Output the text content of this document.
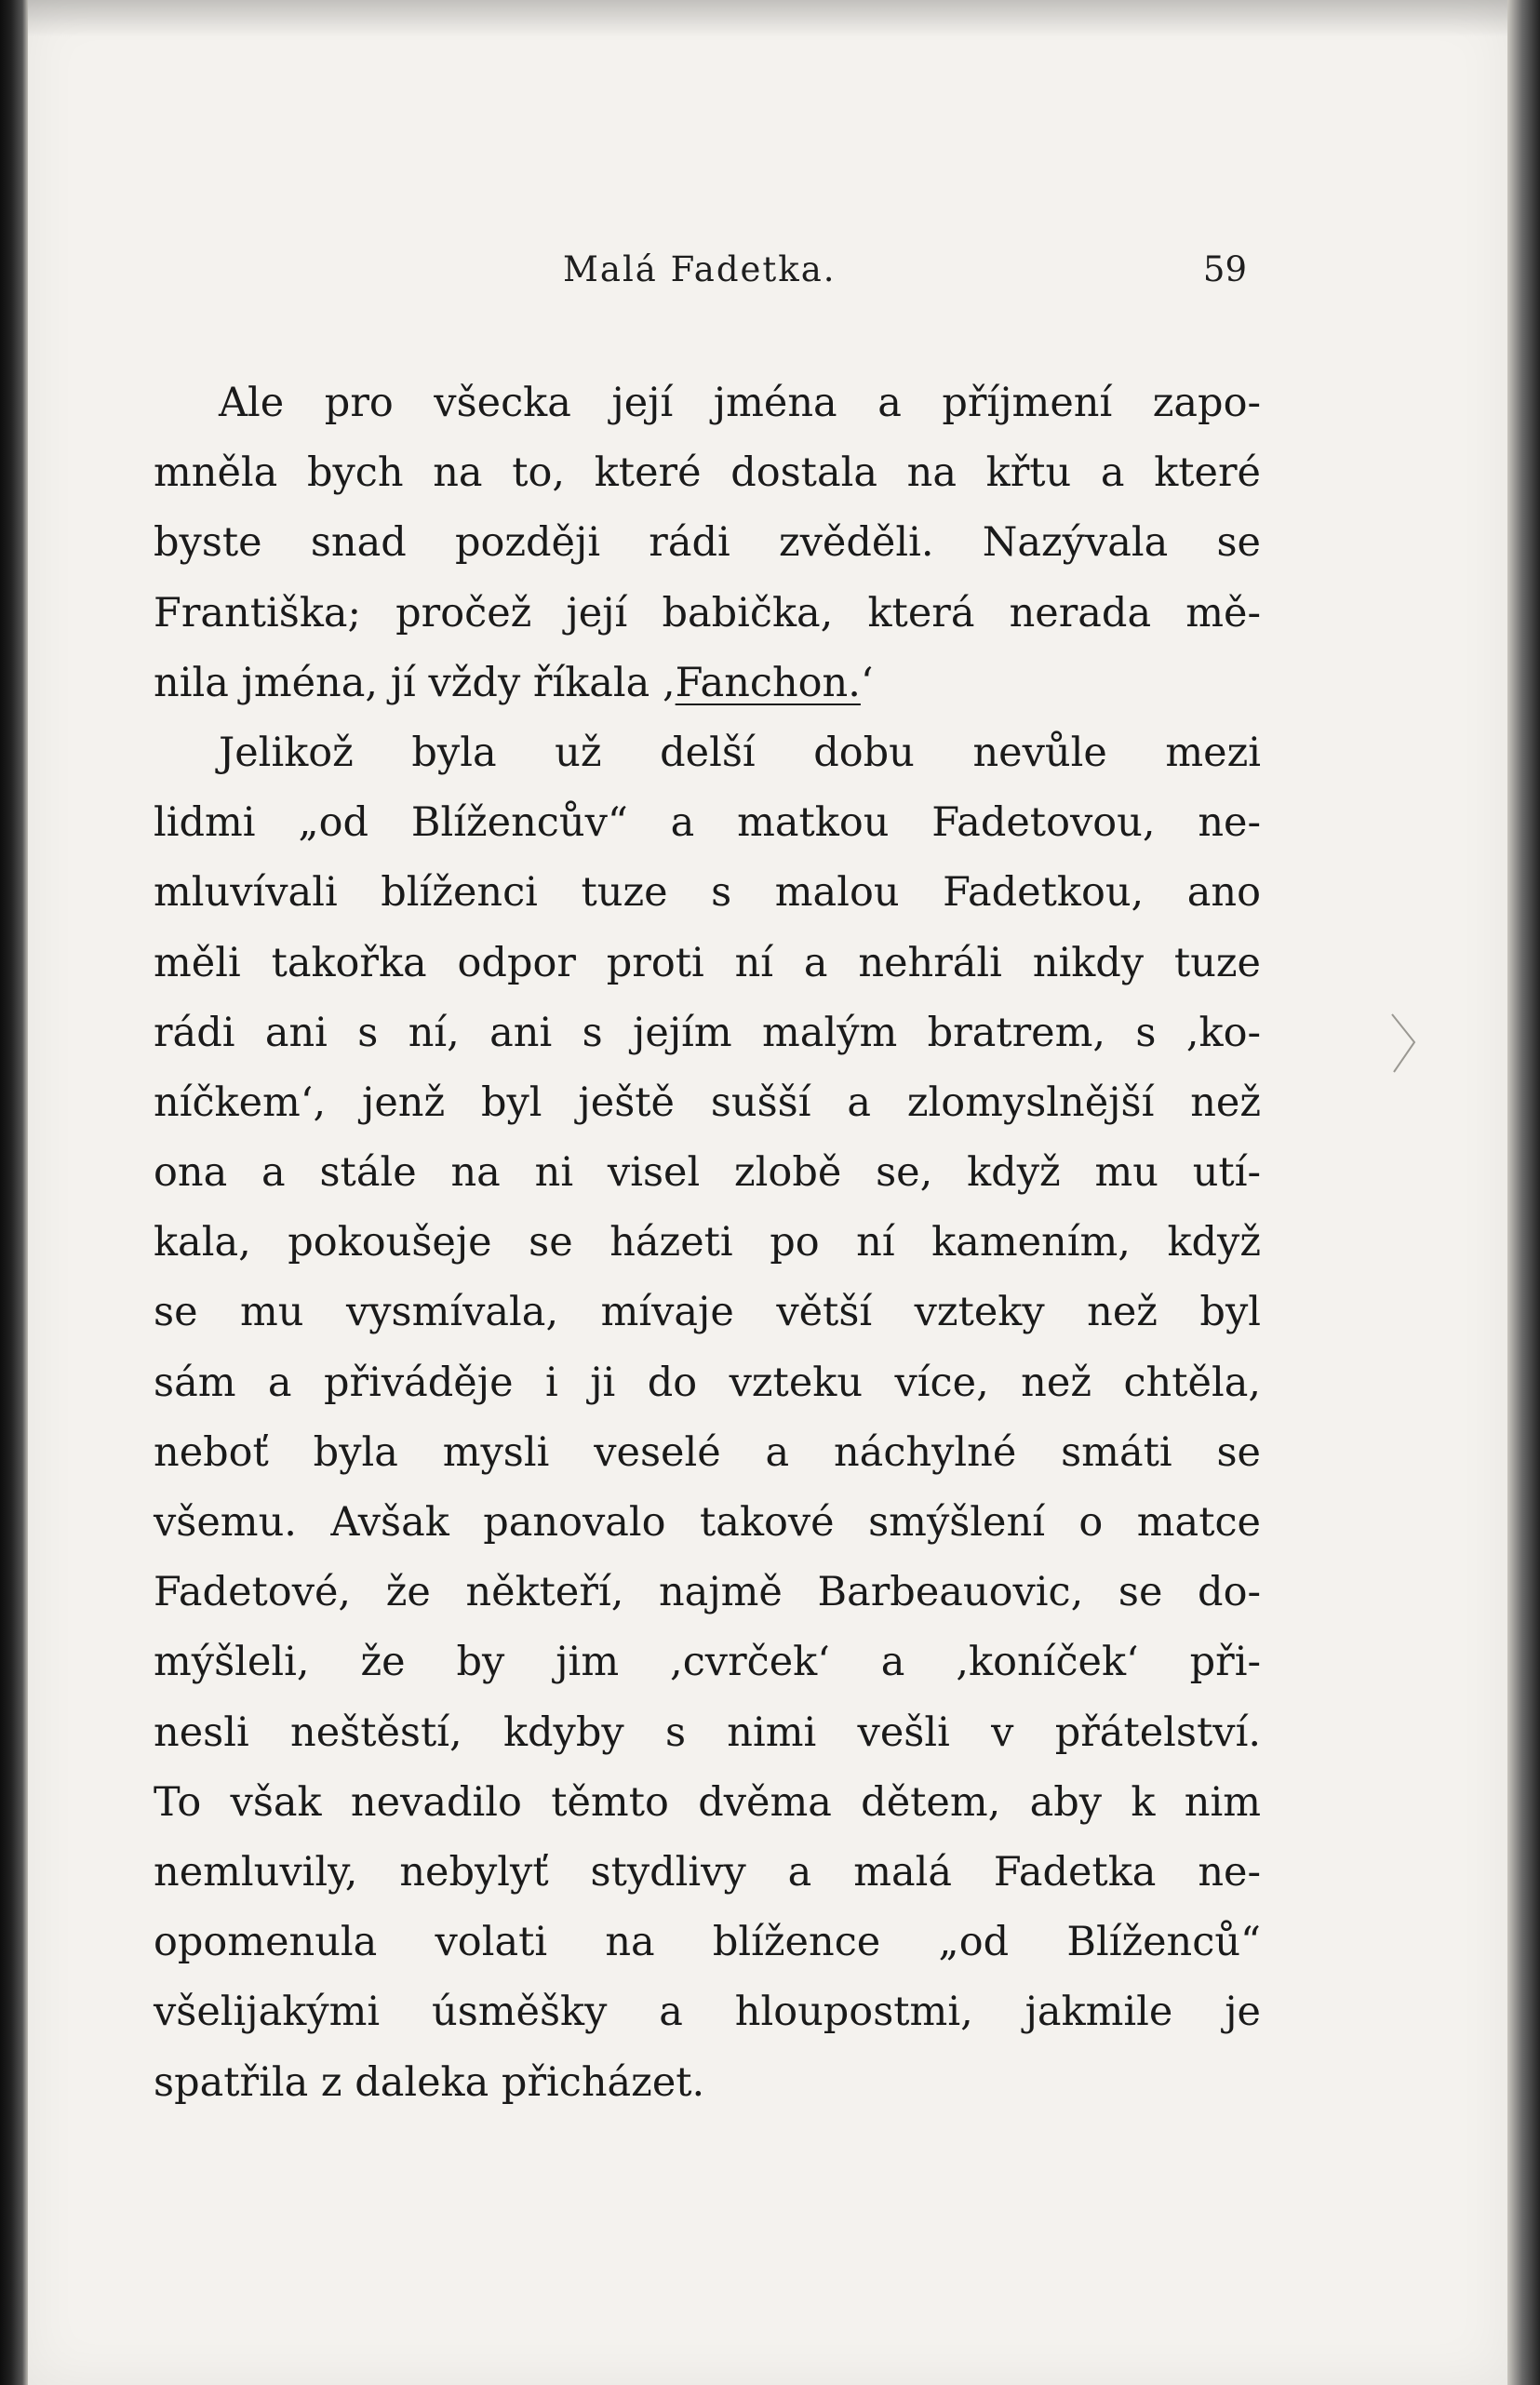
Malá Fadetka.	59
Ale pro všecka její jména a příjmení zapo-
mněla bych na to, které dostala na křtu a které
byste snad později rádi zvěděli. Nazývala se
Františka; pročež její babička, která nerada mě-
nila jména, jí vždy říkala ,Fanchon.‘
Jelikož byla už delší dobu nevůle mezi
lidmi „od Blížencův“ a matkou Fadetovou, ne-
mluvívali blíženci tuze s malou Fadetkou, ano
měli takořka odpor proti ní a nehráli nikdy tuze
rádi ani s ní, ani s jejím malým bratrem, s ,ko-
níčkem‘, jenž byl ještě sušší a zlomyslnější než
ona a stále na ni visel zlobě se, když mu utí-
kala, pokoušeje se házeti po ní kamením, když
se mu vysmívala, mívaje větší vzteky než byl
sám a přiváděje i ji do vzteku více, než chtěla,
neboť byla mysli veselé a náchylné smáti se
všemu. Avšak panovalo takové smýšlení o matce
Fadetové, že někteří, najmě Barbeauovic, se do-
mýšleli, že by jim ,cvrček‘ a ,koníček‘ při-
nesli neštěstí, kdyby s nimi vešli v přátelství.
To však nevadilo těmto dvěma dětem, aby k nim
nemluvily, nebylyť stydlivy a malá Fadetka ne-
opomenula volati na blížence „od Blíženců“
všelijakými úsměšky a hloupostmi, jakmile je
spatřila z daleka přicházet.
